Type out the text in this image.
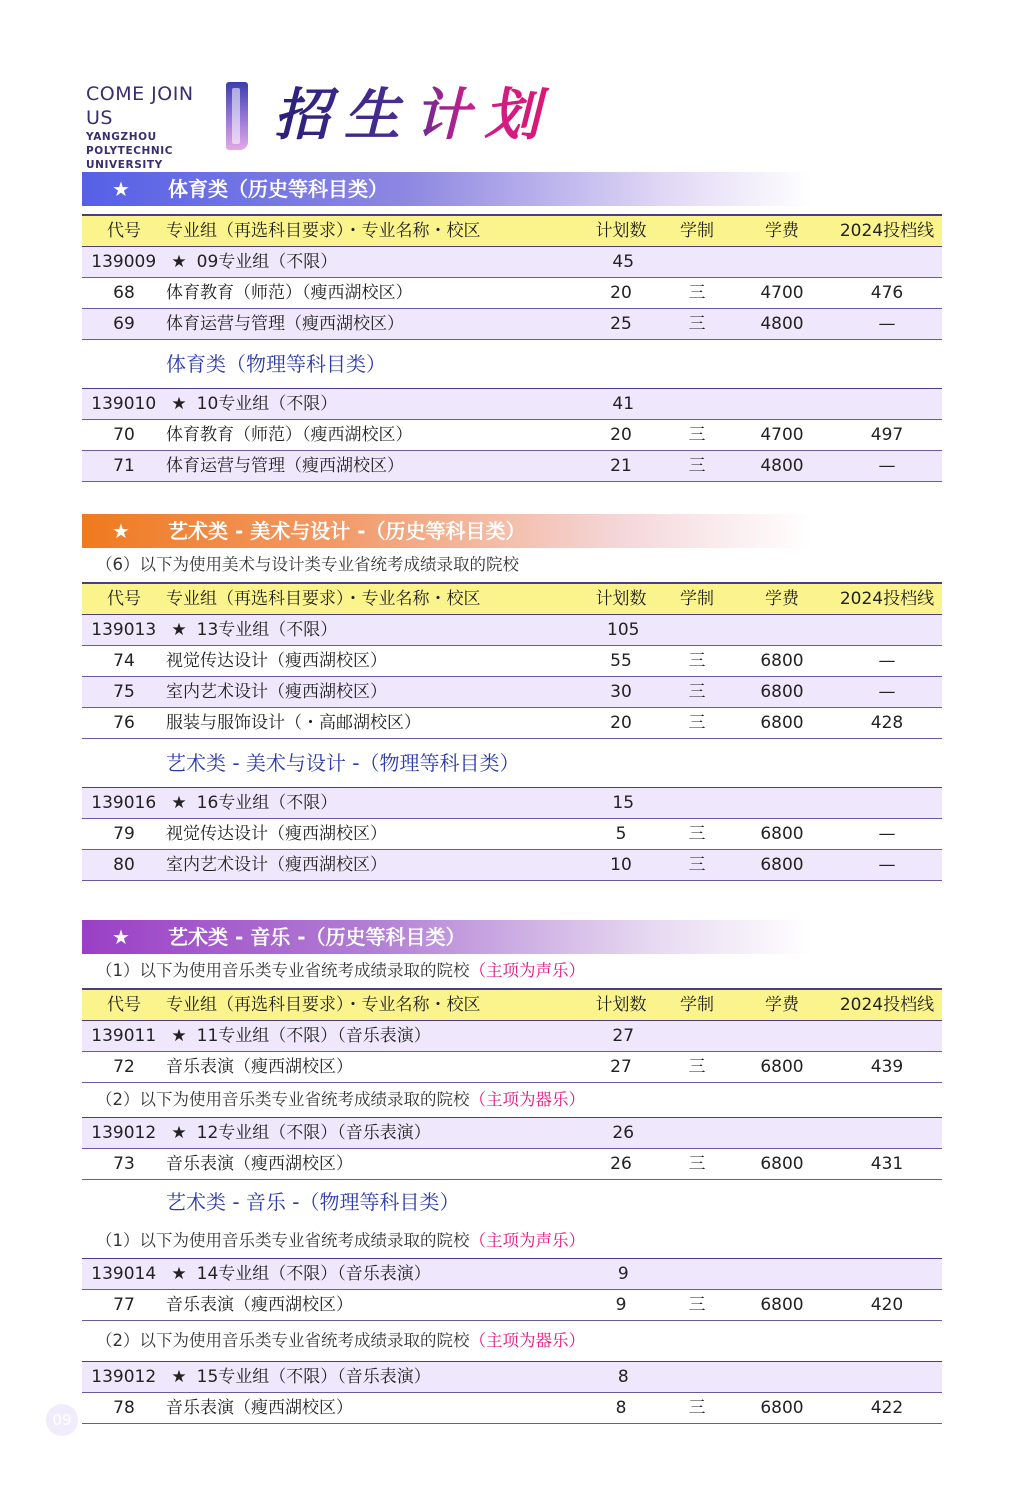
COME JOIN US
YANGZHOU
POLYTECHNIC
UNIVERSITY
招生计划
★ 体育类（历史等科目类）
代号	专业组（再选科目要求）・专业名称・校区	计划数	学制	学费	2024投档线
139009 ★ 09专业组（不限）	45
68	体育教育（师范）（瘦西湖校区）	20	三	4700	476
69	体育运营与管理（瘦西湖校区）	25	三	4800	—
体育类（物理等科目类）
139010 ★ 10专业组（不限）	41
70	体育教育（师范）（瘦西湖校区）	20	三	4700	497
71	体育运营与管理（瘦西湖校区）	21	三	4800	—
★ 艺术类 - 美术与设计 -（历史等科目类）
（6）以下为使用美术与设计类专业省统考成绩录取的院校
代号	专业组（再选科目要求）・专业名称・校区	计划数	学制	学费	2024投档线
139013 ★ 13专业组（不限）	105
74	视觉传达设计（瘦西湖校区）	55	三	6800	—
75	室内艺术设计（瘦西湖校区）	30	三	6800	—
76	服装与服饰设计（・高邮湖校区）	20	三	6800	428
艺术类 - 美术与设计 -（物理等科目类）
139016 ★ 16专业组（不限）	15
79	视觉传达设计（瘦西湖校区）	5	三	6800	—
80	室内艺术设计（瘦西湖校区）	10	三	6800	—
★ 艺术类 - 音乐 -（历史等科目类）
（1）以下为使用音乐类专业省统考成绩录取的院校（主项为声乐）
代号	专业组（再选科目要求）・专业名称・校区	计划数	学制	学费	2024投档线
139011 ★ 11专业组（不限）（音乐表演）	27
72	音乐表演（瘦西湖校区）	27	三	6800	439
（2）以下为使用音乐类专业省统考成绩录取的院校（主项为器乐）
139012 ★ 12专业组（不限）（音乐表演）	26
73	音乐表演（瘦西湖校区）	26	三	6800	431
艺术类 - 音乐 -（物理等科目类）
（1）以下为使用音乐类专业省统考成绩录取的院校（主项为声乐）
139014 ★ 14专业组（不限）（音乐表演）	9
77	音乐表演（瘦西湖校区）	9	三	6800	420
（2）以下为使用音乐类专业省统考成绩录取的院校（主项为器乐）
139012 ★ 15专业组（不限）（音乐表演）	8
78	音乐表演（瘦西湖校区）	8	三	6800	422
09
